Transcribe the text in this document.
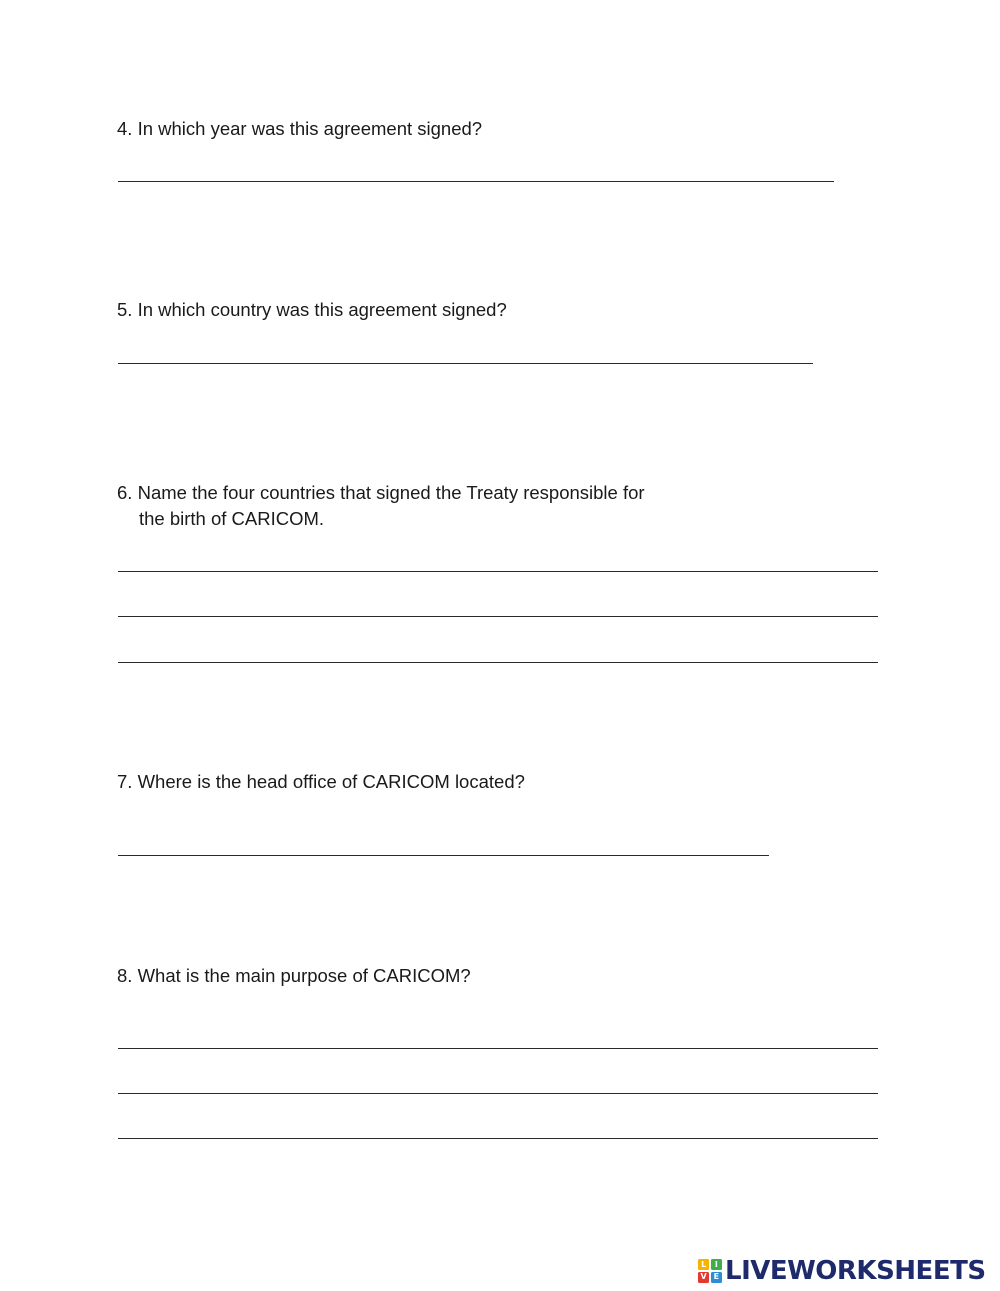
4. In which year was this agreement signed?

5. In which country was this agreement signed?

6. Name the four countries that signed the Treaty responsible for
the birth of CARICOM.

7. Where is the head office of CARICOM located?

8. What is the main purpose of CARICOM?

L	I
V E LIVEWORKSHEETS
